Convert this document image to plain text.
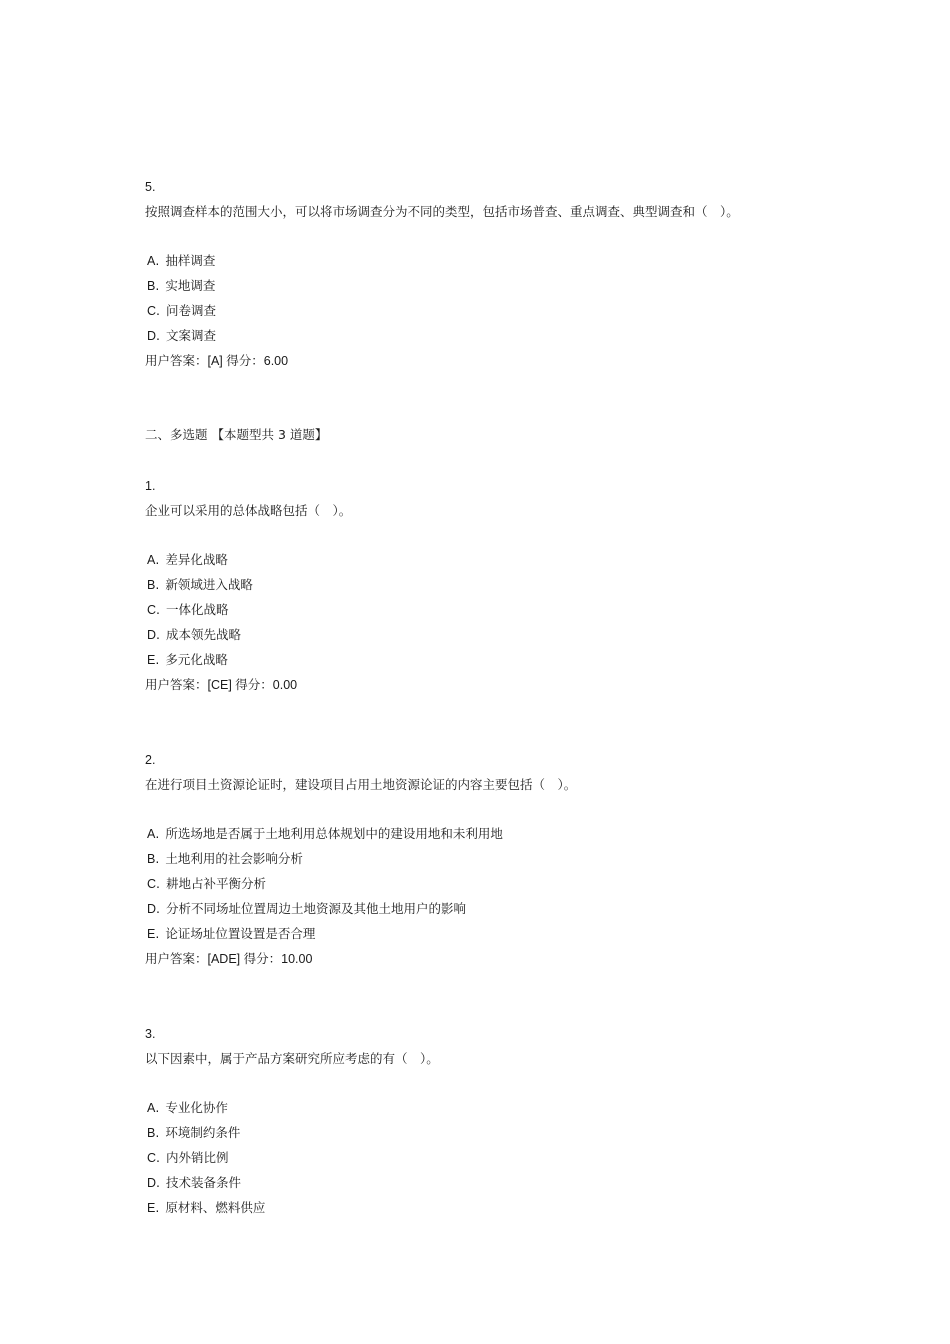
5.
按照调查样本的范围大小，可以将市场调查分为不同的类型，包括市场普查、重点调查、典型调查和（　）。
A. 抽样调查
B. 实地调查
C. 问卷调查
D. 文案调查
用户答案：[A] 得分：6.00
二、多选题 【本题型共 3 道题】
1.
企业可以采用的总体战略包括（　）。
A. 差异化战略
B. 新领域进入战略
C. 一体化战略
D. 成本领先战略
E. 多元化战略
用户答案：[CE] 得分：0.00
2.
在进行项目土资源论证时，建设项目占用土地资源论证的内容主要包括（　）。
A. 所选场地是否属于土地利用总体规划中的建设用地和未利用地
B. 土地利用的社会影响分析
C. 耕地占补平衡分析
D. 分析不同场址位置周边土地资源及其他土地用户的影响
E. 论证场址位置设置是否合理
用户答案：[ADE] 得分：10.00
3.
以下因素中，属于产品方案研究所应考虑的有（　）。
A. 专业化协作
B. 环境制约条件
C. 内外销比例
D. 技术装备条件
E. 原材料、燃料供应
